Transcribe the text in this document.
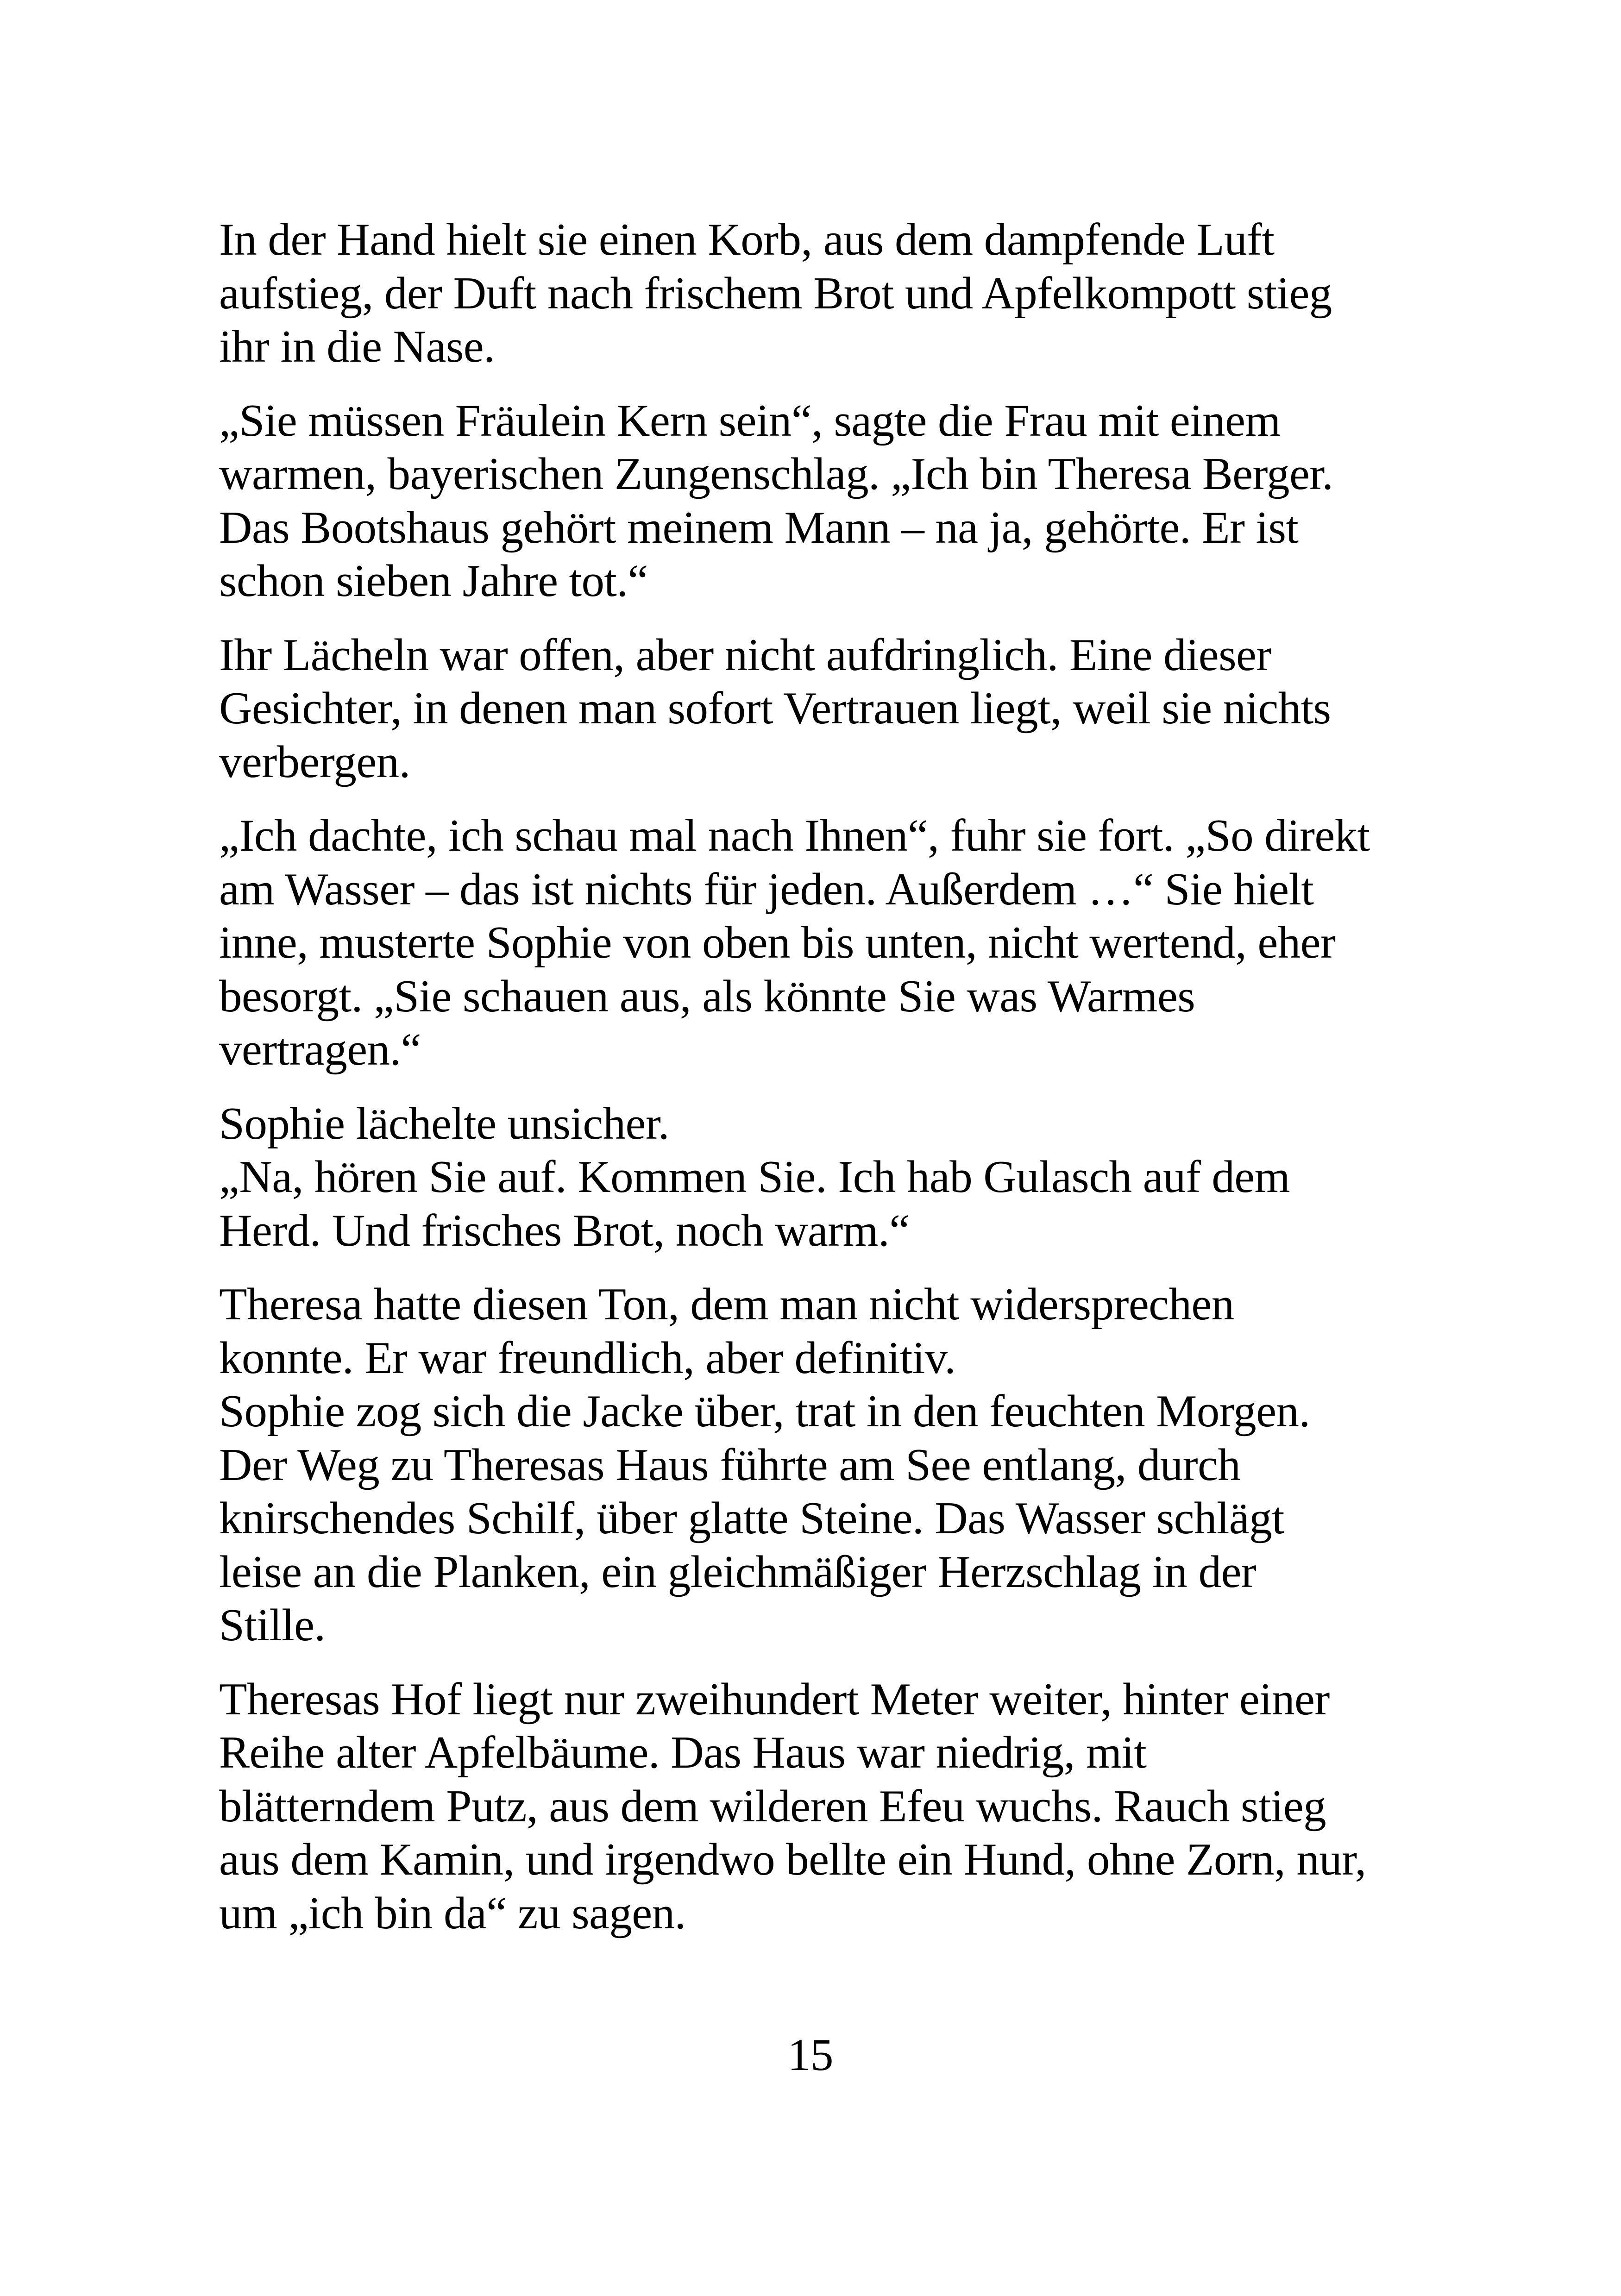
In der Hand hielt sie einen Korb, aus dem dampfende Luft
aufstieg, der Duft nach frischem Brot und Apfelkompott stieg
ihr in die Nase.

„Sie müssen Fräulein Kern sein“, sagte die Frau mit einem
warmen, bayerischen Zungenschlag. „Ich bin Theresa Berger.
Das Bootshaus gehört meinem Mann – na ja, gehörte. Er ist
schon sieben Jahre tot.“

Ihr Lächeln war offen, aber nicht aufdringlich. Eine dieser
Gesichter, in denen man sofort Vertrauen liegt, weil sie nichts
verbergen.

„Ich dachte, ich schau mal nach Ihnen“, fuhr sie fort. „So direkt
am Wasser – das ist nichts für jeden. Außerdem …“ Sie hielt
inne, musterte Sophie von oben bis unten, nicht wertend, eher
besorgt. „Sie schauen aus, als könnte Sie was Warmes
vertragen.“

Sophie lächelte unsicher.
„Na, hören Sie auf. Kommen Sie. Ich hab Gulasch auf dem
Herd. Und frisches Brot, noch warm.“

Theresa hatte diesen Ton, dem man nicht widersprechen
konnte. Er war freundlich, aber definitiv.
Sophie zog sich die Jacke über, trat in den feuchten Morgen.
Der Weg zu Theresas Haus führte am See entlang, durch
knirschendes Schilf, über glatte Steine. Das Wasser schlägt
leise an die Planken, ein gleichmäßiger Herzschlag in der
Stille.

Theresas Hof liegt nur zweihundert Meter weiter, hinter einer
Reihe alter Apfelbäume. Das Haus war niedrig, mit
blätterndem Putz, aus dem wilderen Efeu wuchs. Rauch stieg
aus dem Kamin, und irgendwo bellte ein Hund, ohne Zorn, nur,
um „ich bin da“ zu sagen.

15
